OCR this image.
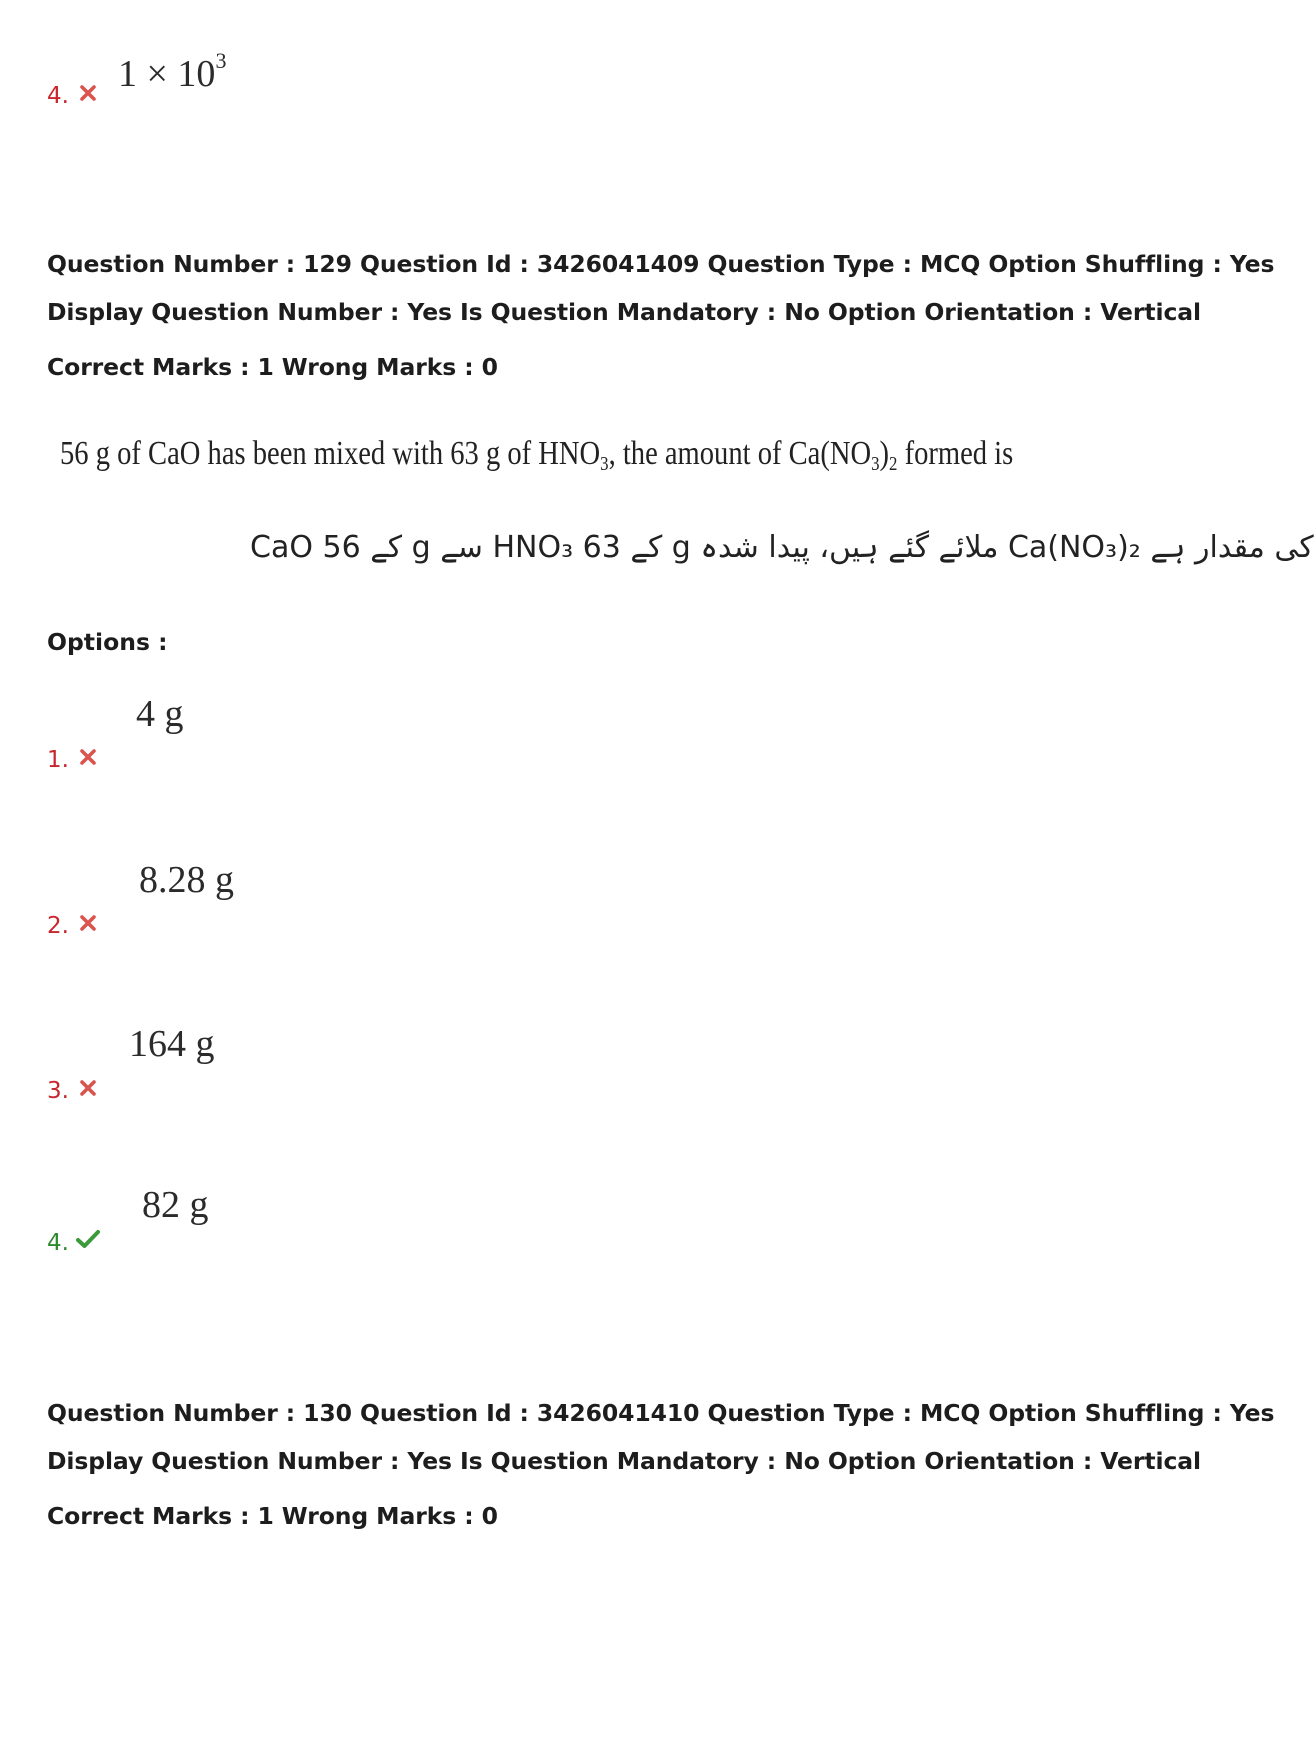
4.
$1 \times 10^3$
Question Number : 129 Question Id : 3426041409 Question Type : MCQ Option Shuffling : Yes
Display Question Number : Yes Is Question Mandatory : No Option Orientation : Vertical
Correct Marks : 1 Wrong Marks : 0
56 g of CaO has been mixed with 63 g of $HNO_3$, the amount of $Ca(NO_3)_2$ formed is
CaO کے 56 g سے HNO₃ کے 63 g ملائے گئے ہیں، پیدا شدہ Ca(NO₃)₂ کی مقدار ہے
Options :
1.
4 g
2.
8.28 g
3.
164 g
4.
82 g
Question Number : 130 Question Id : 3426041410 Question Type : MCQ Option Shuffling : Yes
Display Question Number : Yes Is Question Mandatory : No Option Orientation : Vertical
Correct Marks : 1 Wrong Marks : 0
